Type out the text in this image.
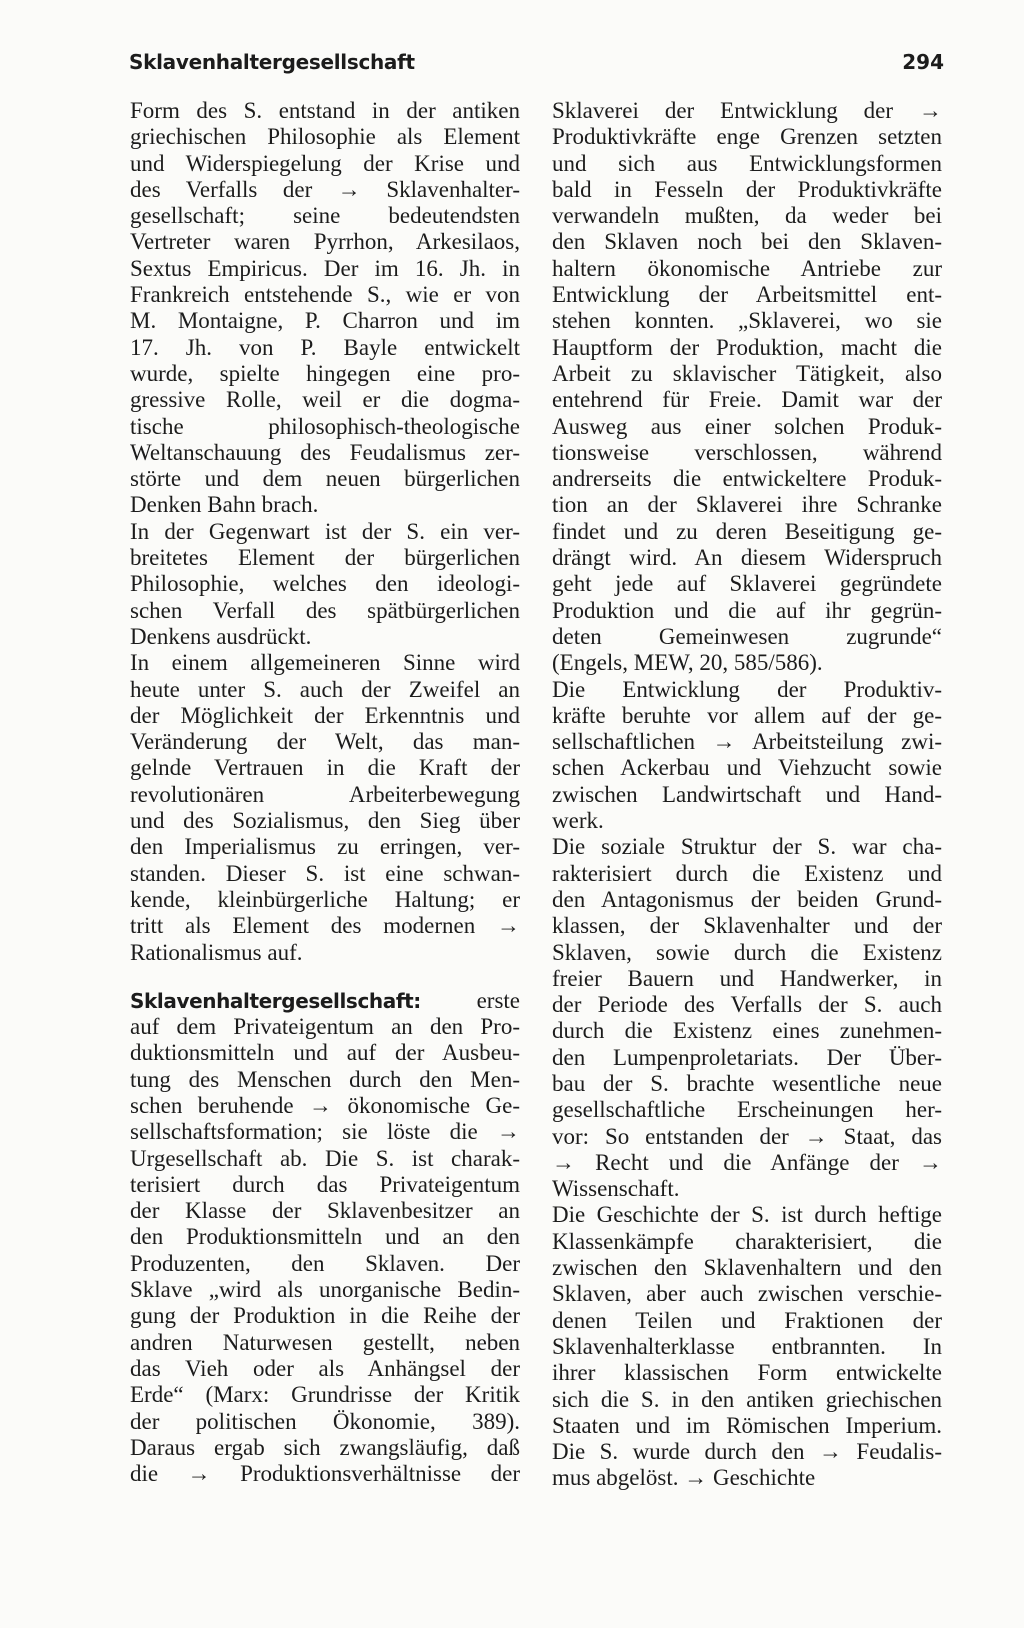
Sklavenhaltergesellschaft	294
Form des S. entstand in der antiken
griechischen Philosophie als Element
und Widerspiegelung der Krise und
des Verfalls der → Sklavenhalter-
gesellschaft; seine bedeutendsten
Vertreter waren Pyrrhon, Arkesilaos,
Sextus Empiricus. Der im 16. Jh. in
Frankreich entstehende S., wie er von
M. Montaigne, P. Charron und im
17. Jh. von P. Bayle entwickelt
wurde, spielte hingegen eine pro-
gressive Rolle, weil er die dogma-
tische philosophisch-theologische
Weltanschauung des Feudalismus zer-
störte und dem neuen bürgerlichen
Denken Bahn brach.
In der Gegenwart ist der S. ein ver-
breitetes Element der bürgerlichen
Philosophie, welches den ideologi-
schen Verfall des spätbürgerlichen
Denkens ausdrückt.
In einem allgemeineren Sinne wird
heute unter S. auch der Zweifel an
der Möglichkeit der Erkenntnis und
Veränderung der Welt, das man-
gelnde Vertrauen in die Kraft der
revolutionären Arbeiterbewegung
und des Sozialismus, den Sieg über
den Imperialismus zu erringen, ver-
standen. Dieser S. ist eine schwan-
kende, kleinbürgerliche Haltung; er
tritt als Element des modernen →
Rationalismus auf.
Sklavenhaltergesellschaft: erste
auf dem Privateigentum an den Pro-
duktionsmitteln und auf der Ausbeu-
tung des Menschen durch den Men-
schen beruhende → ökonomische Ge-
sellschaftsformation; sie löste die →
Urgesellschaft ab. Die S. ist charak-
terisiert durch das Privateigentum
der Klasse der Sklavenbesitzer an
den Produktionsmitteln und an den
Produzenten, den Sklaven. Der
Sklave „wird als unorganische Bedin-
gung der Produktion in die Reihe der
andren Naturwesen gestellt, neben
das Vieh oder als Anhängsel der
Erde“ (Marx: Grundrisse der Kritik
der politischen Ökonomie, 389).
Daraus ergab sich zwangsläufig, daß
die → Produktionsverhältnisse der
Sklaverei der Entwicklung der →
Produktivkräfte enge Grenzen setzten
und sich aus Entwicklungsformen
bald in Fesseln der Produktivkräfte
verwandeln mußten, da weder bei
den Sklaven noch bei den Sklaven-
haltern ökonomische Antriebe zur
Entwicklung der Arbeitsmittel ent-
stehen konnten. „Sklaverei, wo sie
Hauptform der Produktion, macht die
Arbeit zu sklavischer Tätigkeit, also
entehrend für Freie. Damit war der
Ausweg aus einer solchen Produk-
tionsweise verschlossen, während
andrerseits die entwickeltere Produk-
tion an der Sklaverei ihre Schranke
findet und zu deren Beseitigung ge-
drängt wird. An diesem Widerspruch
geht jede auf Sklaverei gegründete
Produktion und die auf ihr gegrün-
deten Gemeinwesen zugrunde“
(Engels, MEW, 20, 585/586).
Die Entwicklung der Produktiv-
kräfte beruhte vor allem auf der ge-
sellschaftlichen → Arbeitsteilung zwi-
schen Ackerbau und Viehzucht sowie
zwischen Landwirtschaft und Hand-
werk.
Die soziale Struktur der S. war cha-
rakterisiert durch die Existenz und
den Antagonismus der beiden Grund-
klassen, der Sklavenhalter und der
Sklaven, sowie durch die Existenz
freier Bauern und Handwerker, in
der Periode des Verfalls der S. auch
durch die Existenz eines zunehmen-
den Lumpenproletariats. Der Über-
bau der S. brachte wesentliche neue
gesellschaftliche Erscheinungen her-
vor: So entstanden der → Staat, das
→ Recht und die Anfänge der →
Wissenschaft.
Die Geschichte der S. ist durch heftige
Klassenkämpfe charakterisiert, die
zwischen den Sklavenhaltern und den
Sklaven, aber auch zwischen verschie-
denen Teilen und Fraktionen der
Sklavenhalterklasse entbrannten. In
ihrer klassischen Form entwickelte
sich die S. in den antiken griechischen
Staaten und im Römischen Imperium.
Die S. wurde durch den → Feudalis-
mus abgelöst. → Geschichte
